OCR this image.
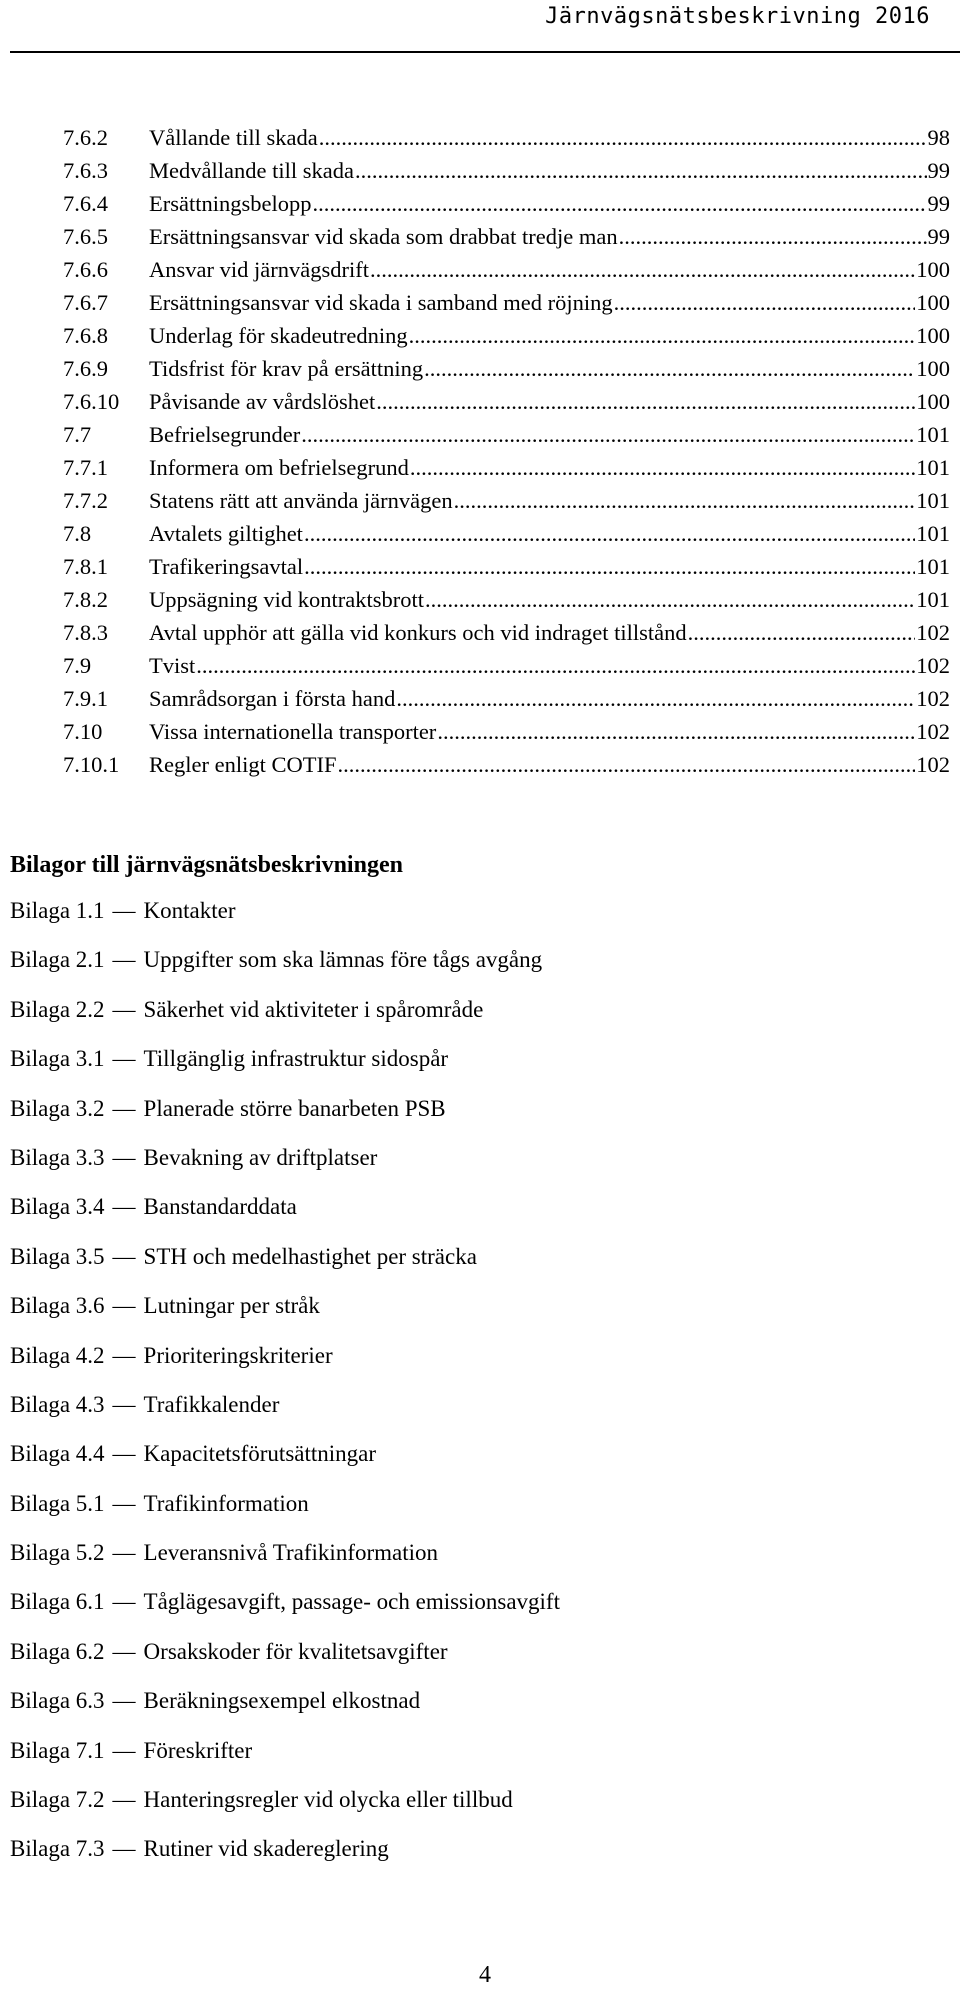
Järnvägsnätsbeskrivning 2016
7.6.2	Vållande till skada .....	98
7.6.3	Medvållande till skada .....	99
7.6.4	Ersättningsbelopp .....	99
7.6.5	Ersättningsansvar vid skada som drabbat tredje man .....	99
7.6.6	Ansvar vid järnvägsdrift .....	100
7.6.7	Ersättningsansvar vid skada i samband med röjning .....	100
7.6.8	Underlag för skadeutredning .....	100
7.6.9	Tidsfrist för krav på ersättning .....	100
7.6.10	Påvisande av vårdslöshet .....	100
7.7	Befrielsegrunder .....	101
7.7.1	Informera om befrielsegrund .....	101
7.7.2	Statens rätt att använda järnvägen .....	101
7.8	Avtalets giltighet .....	101
7.8.1	Trafikeringsavtal .....	101
7.8.2	Uppsägning vid kontraktsbrott .....	101
7.8.3	Avtal upphör att gälla vid konkurs och vid indraget tillstånd .....	102
7.9	Tvist .....	102
7.9.1	Samrådsorgan i första hand .....	102
7.10	Vissa internationella transporter .....	102
7.10.1	Regler enligt COTIF .....	102
Bilagor till järnvägsnätsbeskrivningen
Bilaga 1.1 — Kontakter
Bilaga 2.1 — Uppgifter som ska lämnas före tågs avgång
Bilaga 2.2 — Säkerhet vid aktiviteter i spårområde
Bilaga 3.1 — Tillgänglig infrastruktur sidospår
Bilaga 3.2 — Planerade större banarbeten PSB
Bilaga 3.3 — Bevakning av driftplatser
Bilaga 3.4 — Banstandarddata
Bilaga 3.5 — STH och medelhastighet per sträcka
Bilaga 3.6 — Lutningar per stråk
Bilaga 4.2 — Prioriteringskriterier
Bilaga 4.3 — Trafikkalender
Bilaga 4.4 — Kapacitetsförutsättningar
Bilaga 5.1 — Trafikinformation
Bilaga 5.2 — Leveransnivå Trafikinformation
Bilaga 6.1 — Tåglägesavgift, passage- och emissionsavgift
Bilaga 6.2 — Orsakskoder för kvalitetsavgifter
Bilaga 6.3 — Beräkningsexempel elkostnad
Bilaga 7.1 — Föreskrifter
Bilaga 7.2 — Hanteringsregler vid olycka eller tillbud
Bilaga 7.3 — Rutiner vid skadereglering
4
